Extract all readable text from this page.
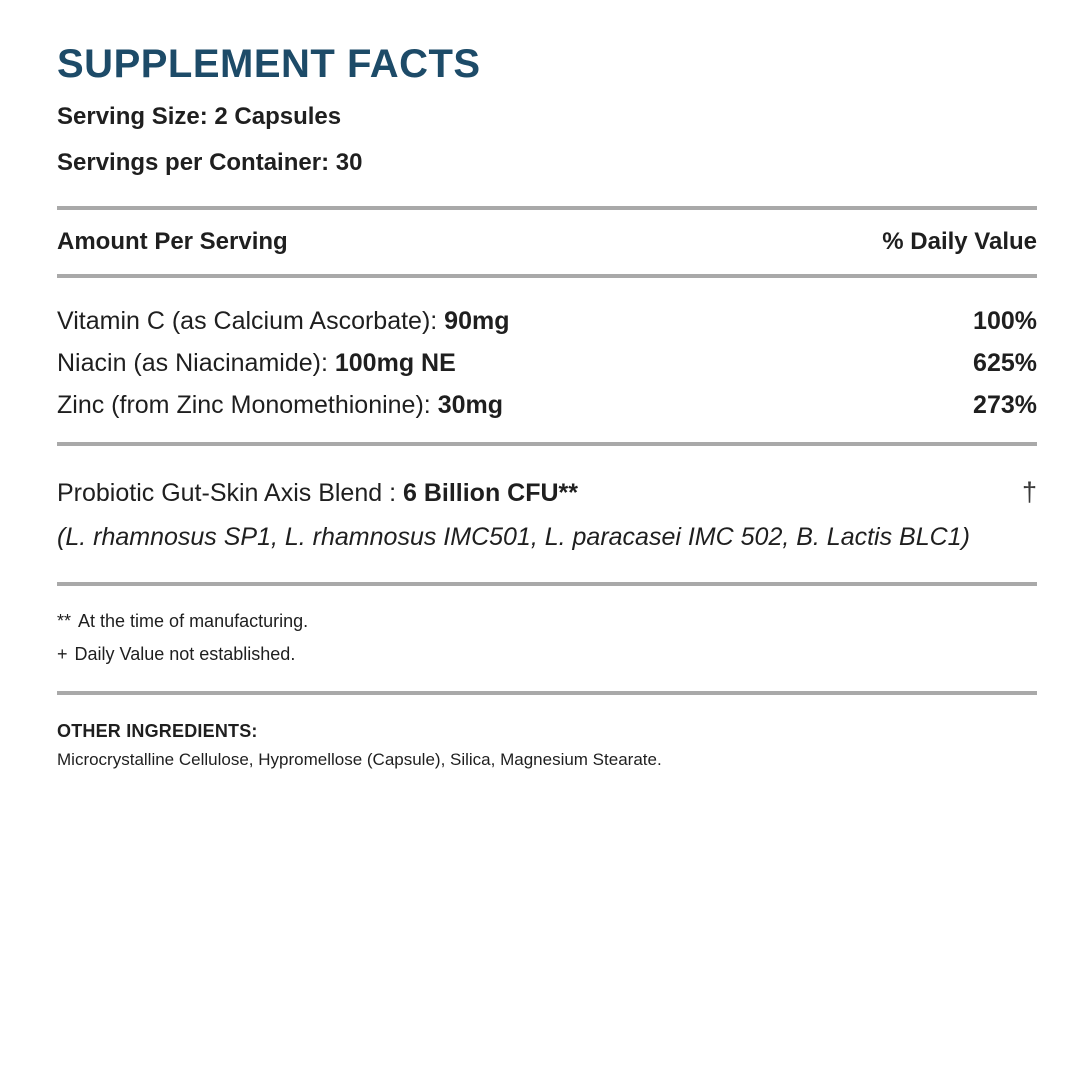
SUPPLEMENT FACTS
Serving Size: 2 Capsules
Servings per Container: 30
Amount Per Serving	% Daily Value
Vitamin C (as Calcium Ascorbate): 90mg	100%
Niacin (as Niacinamide): 100mg NE	625%
Zinc (from Zinc Monomethionine): 30mg	273%
Probiotic Gut-Skin Axis Blend : 6 Billion CFU**	†
(L. rhamnosus SP1, L. rhamnosus IMC501, L. paracasei IMC 502, B. Lactis BLC1)
** At the time of manufacturing.
+ Daily Value not established.
OTHER INGREDIENTS:
Microcrystalline Cellulose, Hypromellose (Capsule), Silica, Magnesium Stearate.
